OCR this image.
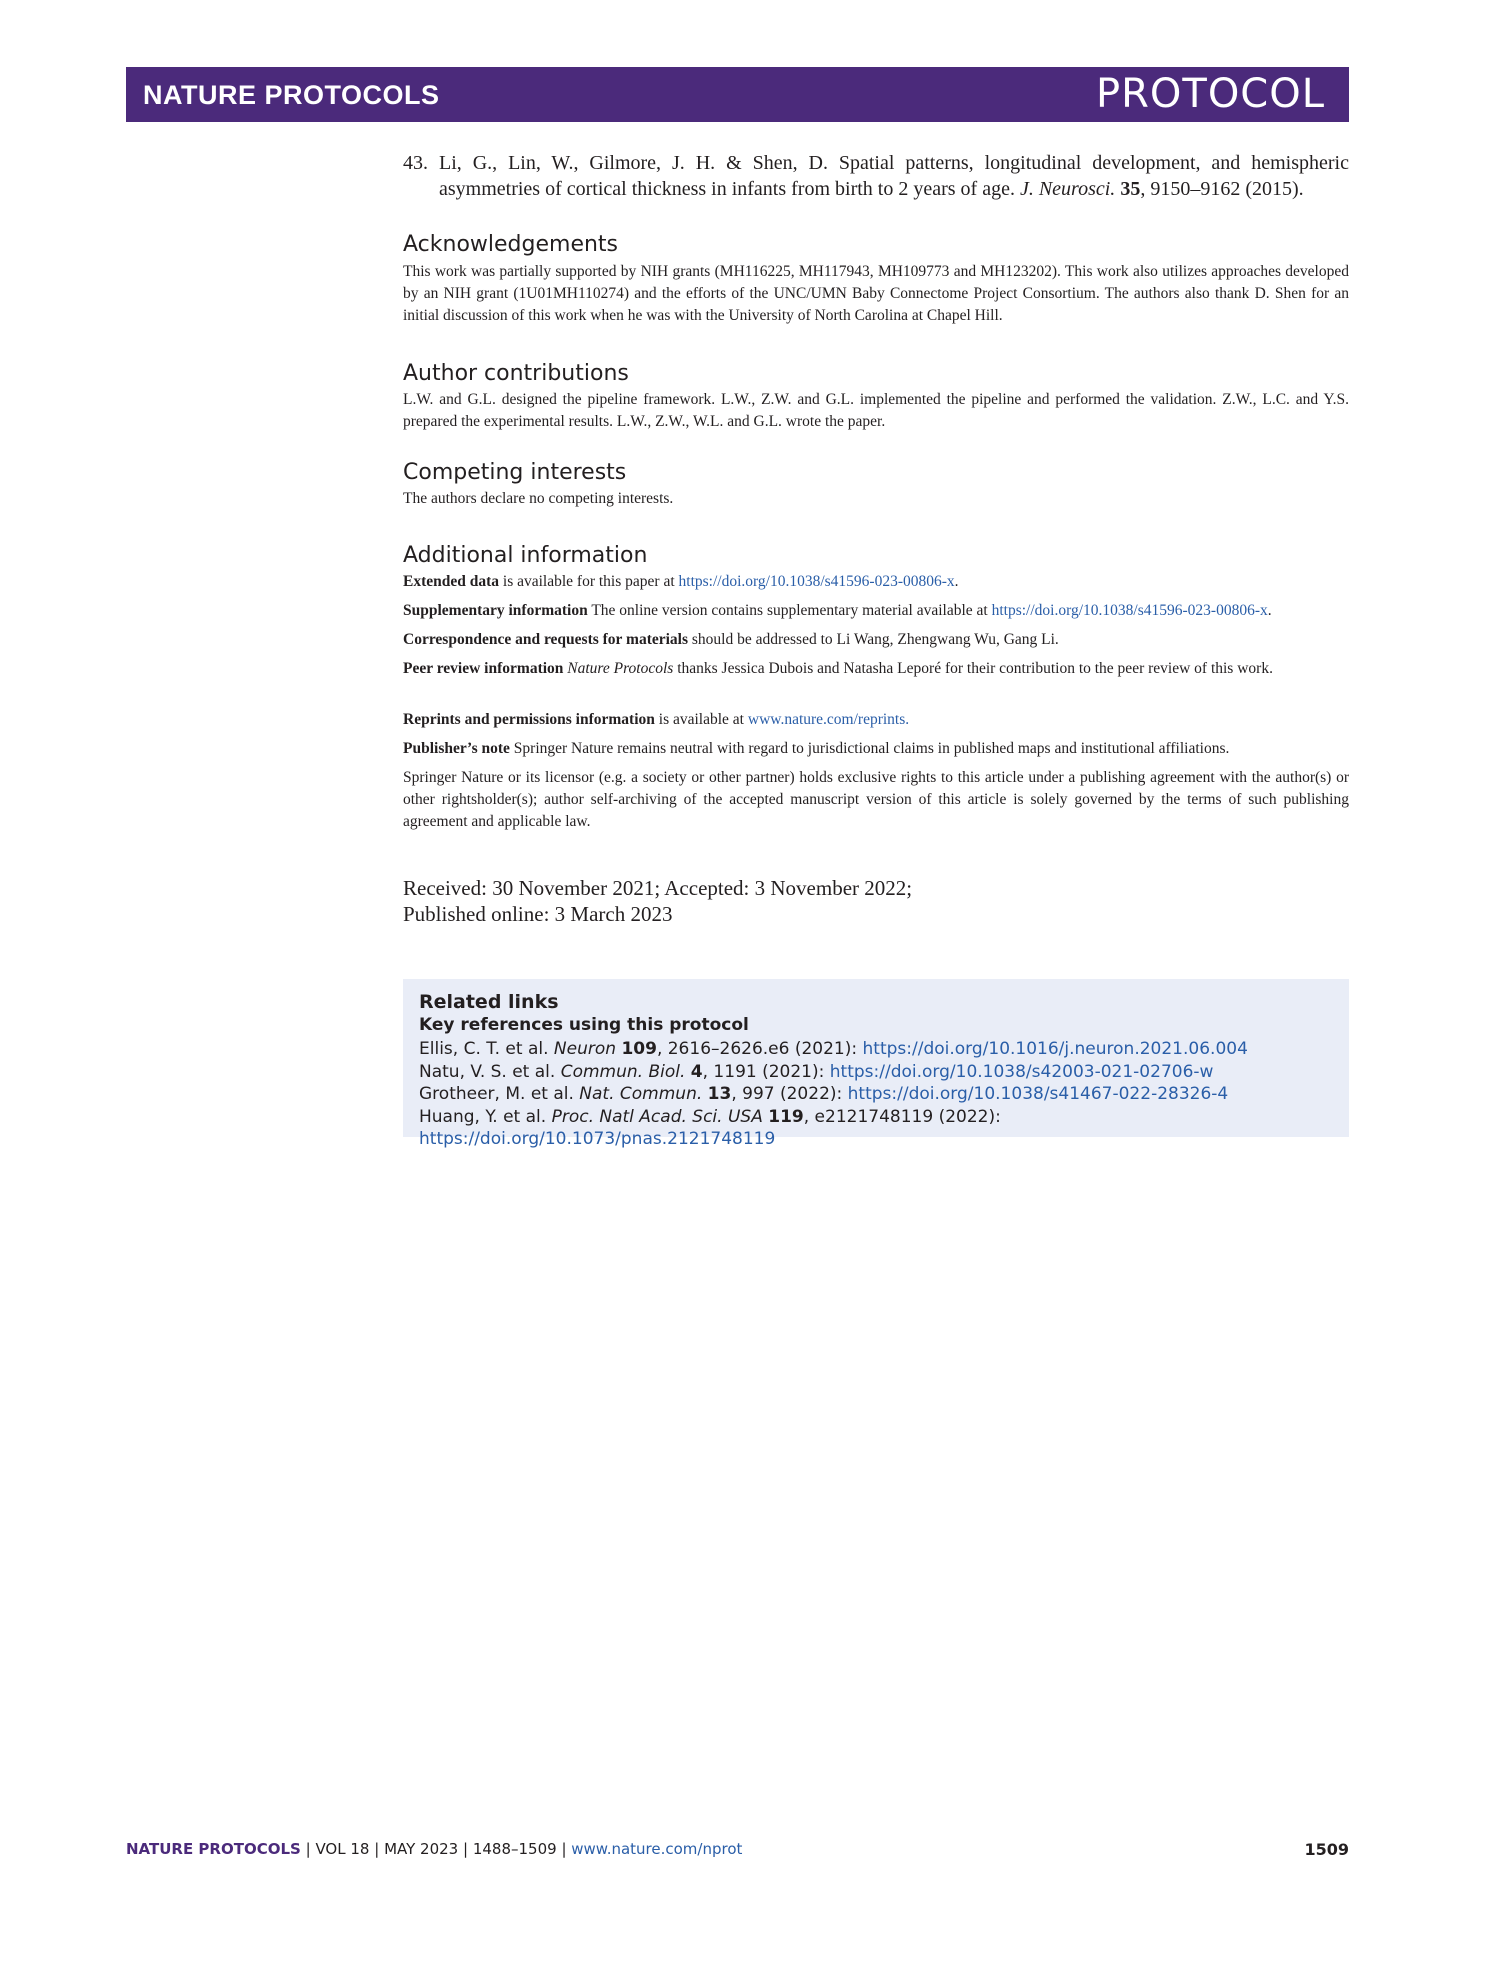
NATURE PROTOCOLS	PROTOCOL
43. Li, G., Lin, W., Gilmore, J. H. & Shen, D. Spatial patterns, longitudinal development, and hemispheric asymmetries of cortical thickness in infants from birth to 2 years of age. J. Neurosci. 35, 9150–9162 (2015).
Acknowledgements
This work was partially supported by NIH grants (MH116225, MH117943, MH109773 and MH123202). This work also utilizes approaches developed by an NIH grant (1U01MH110274) and the efforts of the UNC/UMN Baby Connectome Project Consortium. The authors also thank D. Shen for an initial discussion of this work when he was with the University of North Carolina at Chapel Hill.
Author contributions
L.W. and G.L. designed the pipeline framework. L.W., Z.W. and G.L. implemented the pipeline and performed the validation. Z.W., L.C. and Y.S. prepared the experimental results. L.W., Z.W., W.L. and G.L. wrote the paper.
Competing interests
The authors declare no competing interests.
Additional information
Extended data is available for this paper at https://doi.org/10.1038/s41596-023-00806-x.
Supplementary information The online version contains supplementary material available at https://doi.org/10.1038/s41596-023-00806-x.
Correspondence and requests for materials should be addressed to Li Wang, Zhengwang Wu, Gang Li.
Peer review information Nature Protocols thanks Jessica Dubois and Natasha Leporé for their contribution to the peer review of this work.
Reprints and permissions information is available at www.nature.com/reprints.
Publisher’s note Springer Nature remains neutral with regard to jurisdictional claims in published maps and institutional affiliations.
Springer Nature or its licensor (e.g. a society or other partner) holds exclusive rights to this article under a publishing agreement with the author(s) or other rightsholder(s); author self-archiving of the accepted manuscript version of this article is solely governed by the terms of such publishing agreement and applicable law.
Received: 30 November 2021; Accepted: 3 November 2022;
Published online: 3 March 2023
Related links
Key references using this protocol
Ellis, C. T. et al. Neuron 109, 2616–2626.e6 (2021): https://doi.org/10.1016/j.neuron.2021.06.004
Natu, V. S. et al. Commun. Biol. 4, 1191 (2021): https://doi.org/10.1038/s42003-021-02706-w
Grotheer, M. et al. Nat. Commun. 13, 997 (2022): https://doi.org/10.1038/s41467-022-28326-4
Huang, Y. et al. Proc. Natl Acad. Sci. USA 119, e2121748119 (2022): https://doi.org/10.1073/pnas.2121748119
NATURE PROTOCOLS | VOL 18 | MAY 2023 | 1488–1509 | www.nature.com/nprot	1509
